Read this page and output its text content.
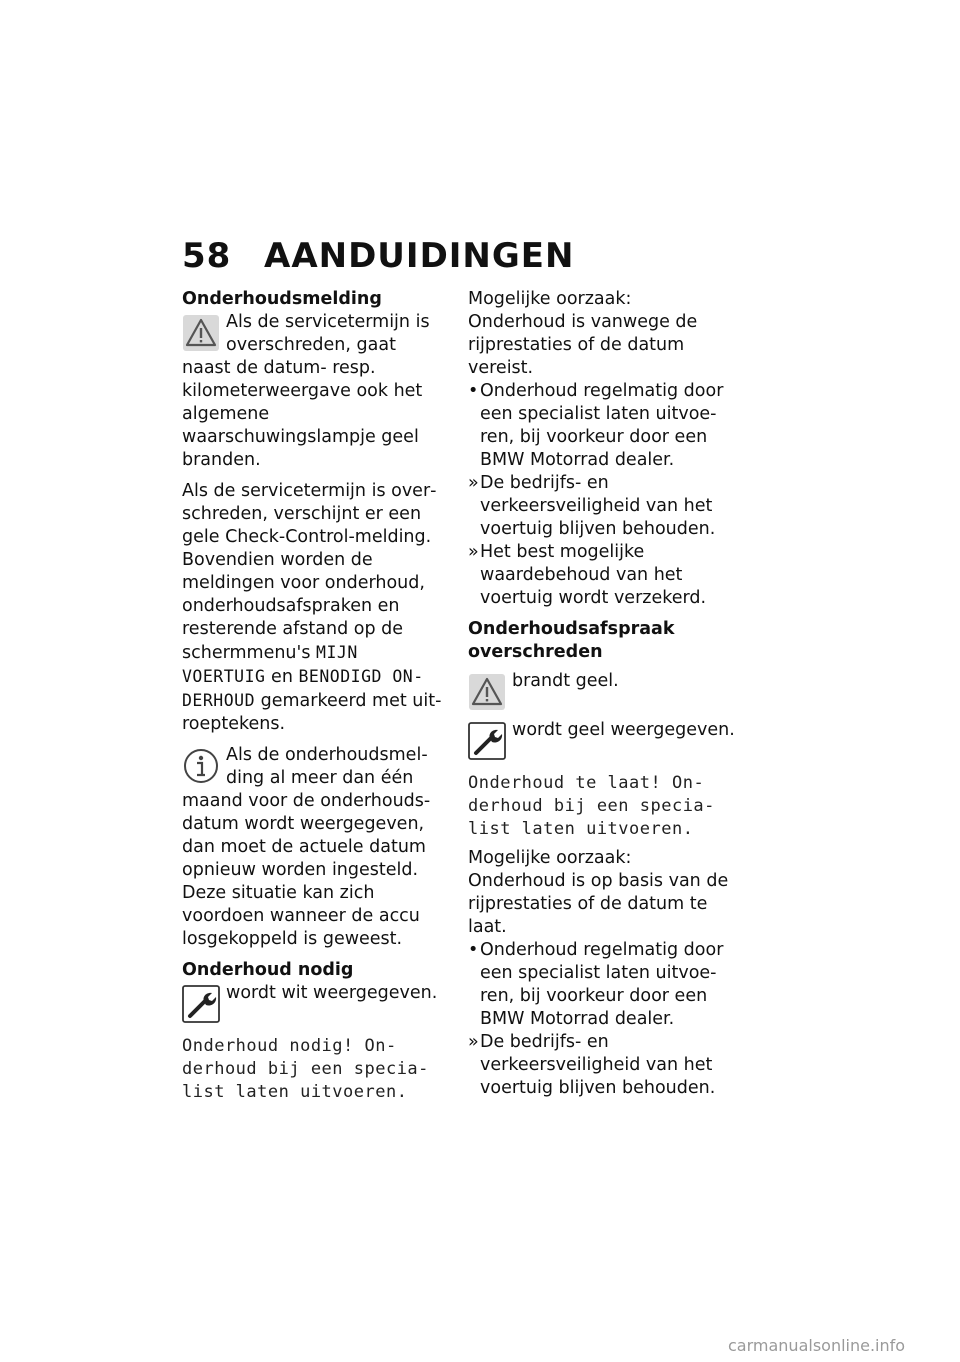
58 AANDUIDINGEN

Onderhoudsmelding

Als de servicetermijn is overschreden, gaat naast de datum- resp. kilometerweergave ook het algemene waarschuwingslampje geel branden.

Als de servicetermijn is overschreden, verschijnt er een gele Check-Control-melding. Bovendien worden de meldingen voor onderhoud, onderhoudsafspraken en resterende afstand op de schermmenu's MIJN VOERTUIG en BENODIGD ONDERHOUD gemarkeerd met uitroeptekens.

Als de onderhoudsmelding al meer dan één maand voor de onderhoudsdatum wordt weergegeven, dan moet de actuele datum opnieuw worden ingesteld. Deze situatie kan zich voordoen wanneer de accu losgekoppeld is geweest.

Onderhoud nodig

wordt wit weergegeven.

Onderhoud nodig! Onderhoud bij een specialist laten uitvoeren.

Mogelijke oorzaak:

Onderhoud is vanwege de rijprestaties of de datum vereist.

• Onderhoud regelmatig door een specialist laten uitvoeren, bij voorkeur door een BMW Motorrad dealer.
» De bedrijfs- en verkeersveiligheid van het voertuig blijven behouden.
» Het best mogelijke waardebehoud van het voertuig wordt verzekerd.

Onderhoudsafspraak overschreden

brandt geel.

wordt geel weergegeven.

Onderhoud te laat! Onderhoud bij een specialist laten uitvoeren.

Mogelijke oorzaak:

Onderhoud is op basis van de rijprestaties of de datum te laat.

• Onderhoud regelmatig door een specialist laten uitvoeren, bij voorkeur door een BMW Motorrad dealer.
» De bedrijfs- en verkeersveiligheid van het voertuig blijven behouden.
carmanualsonline.info
